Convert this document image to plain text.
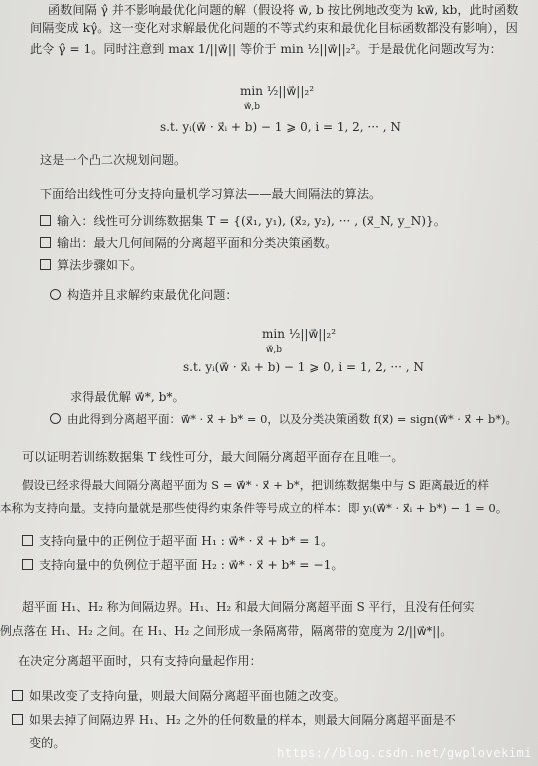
函数间隔 γ̂ 并不影响最优化问题的解（假设将 w⃗, b 按比例地改变为 kw⃗, kb，此时函数
间隔变成 kγ̂。这一变化对求解最优化问题的不等式约束和最优化目标函数都没有影响），因
此令 γ̂ = 1。同时注意到 max 1/||w⃗|| 等价于 min ½||w⃗||₂²。于是最优化问题改写为：
min ½||w⃗||₂²
w⃗,b
s.t. yᵢ(w⃗ · x⃗ᵢ + b) − 1 ⩾ 0, i = 1, 2, ··· , N
这是一个凸二次规划问题。
下面给出线性可分支持向量机学习算法——最大间隔法的算法。
输入：线性可分训练数据集 T = {(x⃗₁, y₁), (x⃗₂, y₂), ··· , (x⃗_N, y_N)}。
输出：最大几何间隔的分离超平面和分类决策函数。
算法步骤如下。
构造并且求解约束最优化问题：
min ½||w⃗||₂²
w⃗,b
s.t. yᵢ(w⃗ · x⃗ᵢ + b) − 1 ⩾ 0, i = 1, 2, ··· , N
求得最优解 w⃗*, b*。
由此得到分离超平面：w⃗* · x⃗ + b* = 0，以及分类决策函数 f(x⃗) = sign(w⃗* · x⃗ + b*)。
可以证明若训练数据集 T 线性可分，最大间隔分离超平面存在且唯一。
假设已经求得最大间隔分离超平面为 S = w⃗* · x⃗ + b*，把训练数据集中与 S 距离最近的样
本称为支持向量。支持向量就是那些使得约束条件等号成立的样本：即 yᵢ(w⃗* · x⃗ᵢ + b*) − 1 = 0。
支持向量中的正例位于超平面 H₁ : w⃗* · x⃗ + b* = 1。
支持向量中的负例位于超平面 H₂ : w⃗* · x⃗ + b* = −1。
超平面 H₁、H₂ 称为间隔边界。H₁、H₂ 和最大间隔分离超平面 S 平行，且没有任何实
例点落在 H₁、H₂ 之间。在 H₁、H₂ 之间形成一条隔离带，隔离带的宽度为 2/||w⃗*||。
在决定分离超平面时，只有支持向量起作用：
如果改变了支持向量，则最大间隔分离超平面也随之改变。
如果去掉了间隔边界 H₁、H₂ 之外的任何数量的样本，则最大间隔分离超平面是不
变的。
https://blog.csdn.net/gwplovekimi
